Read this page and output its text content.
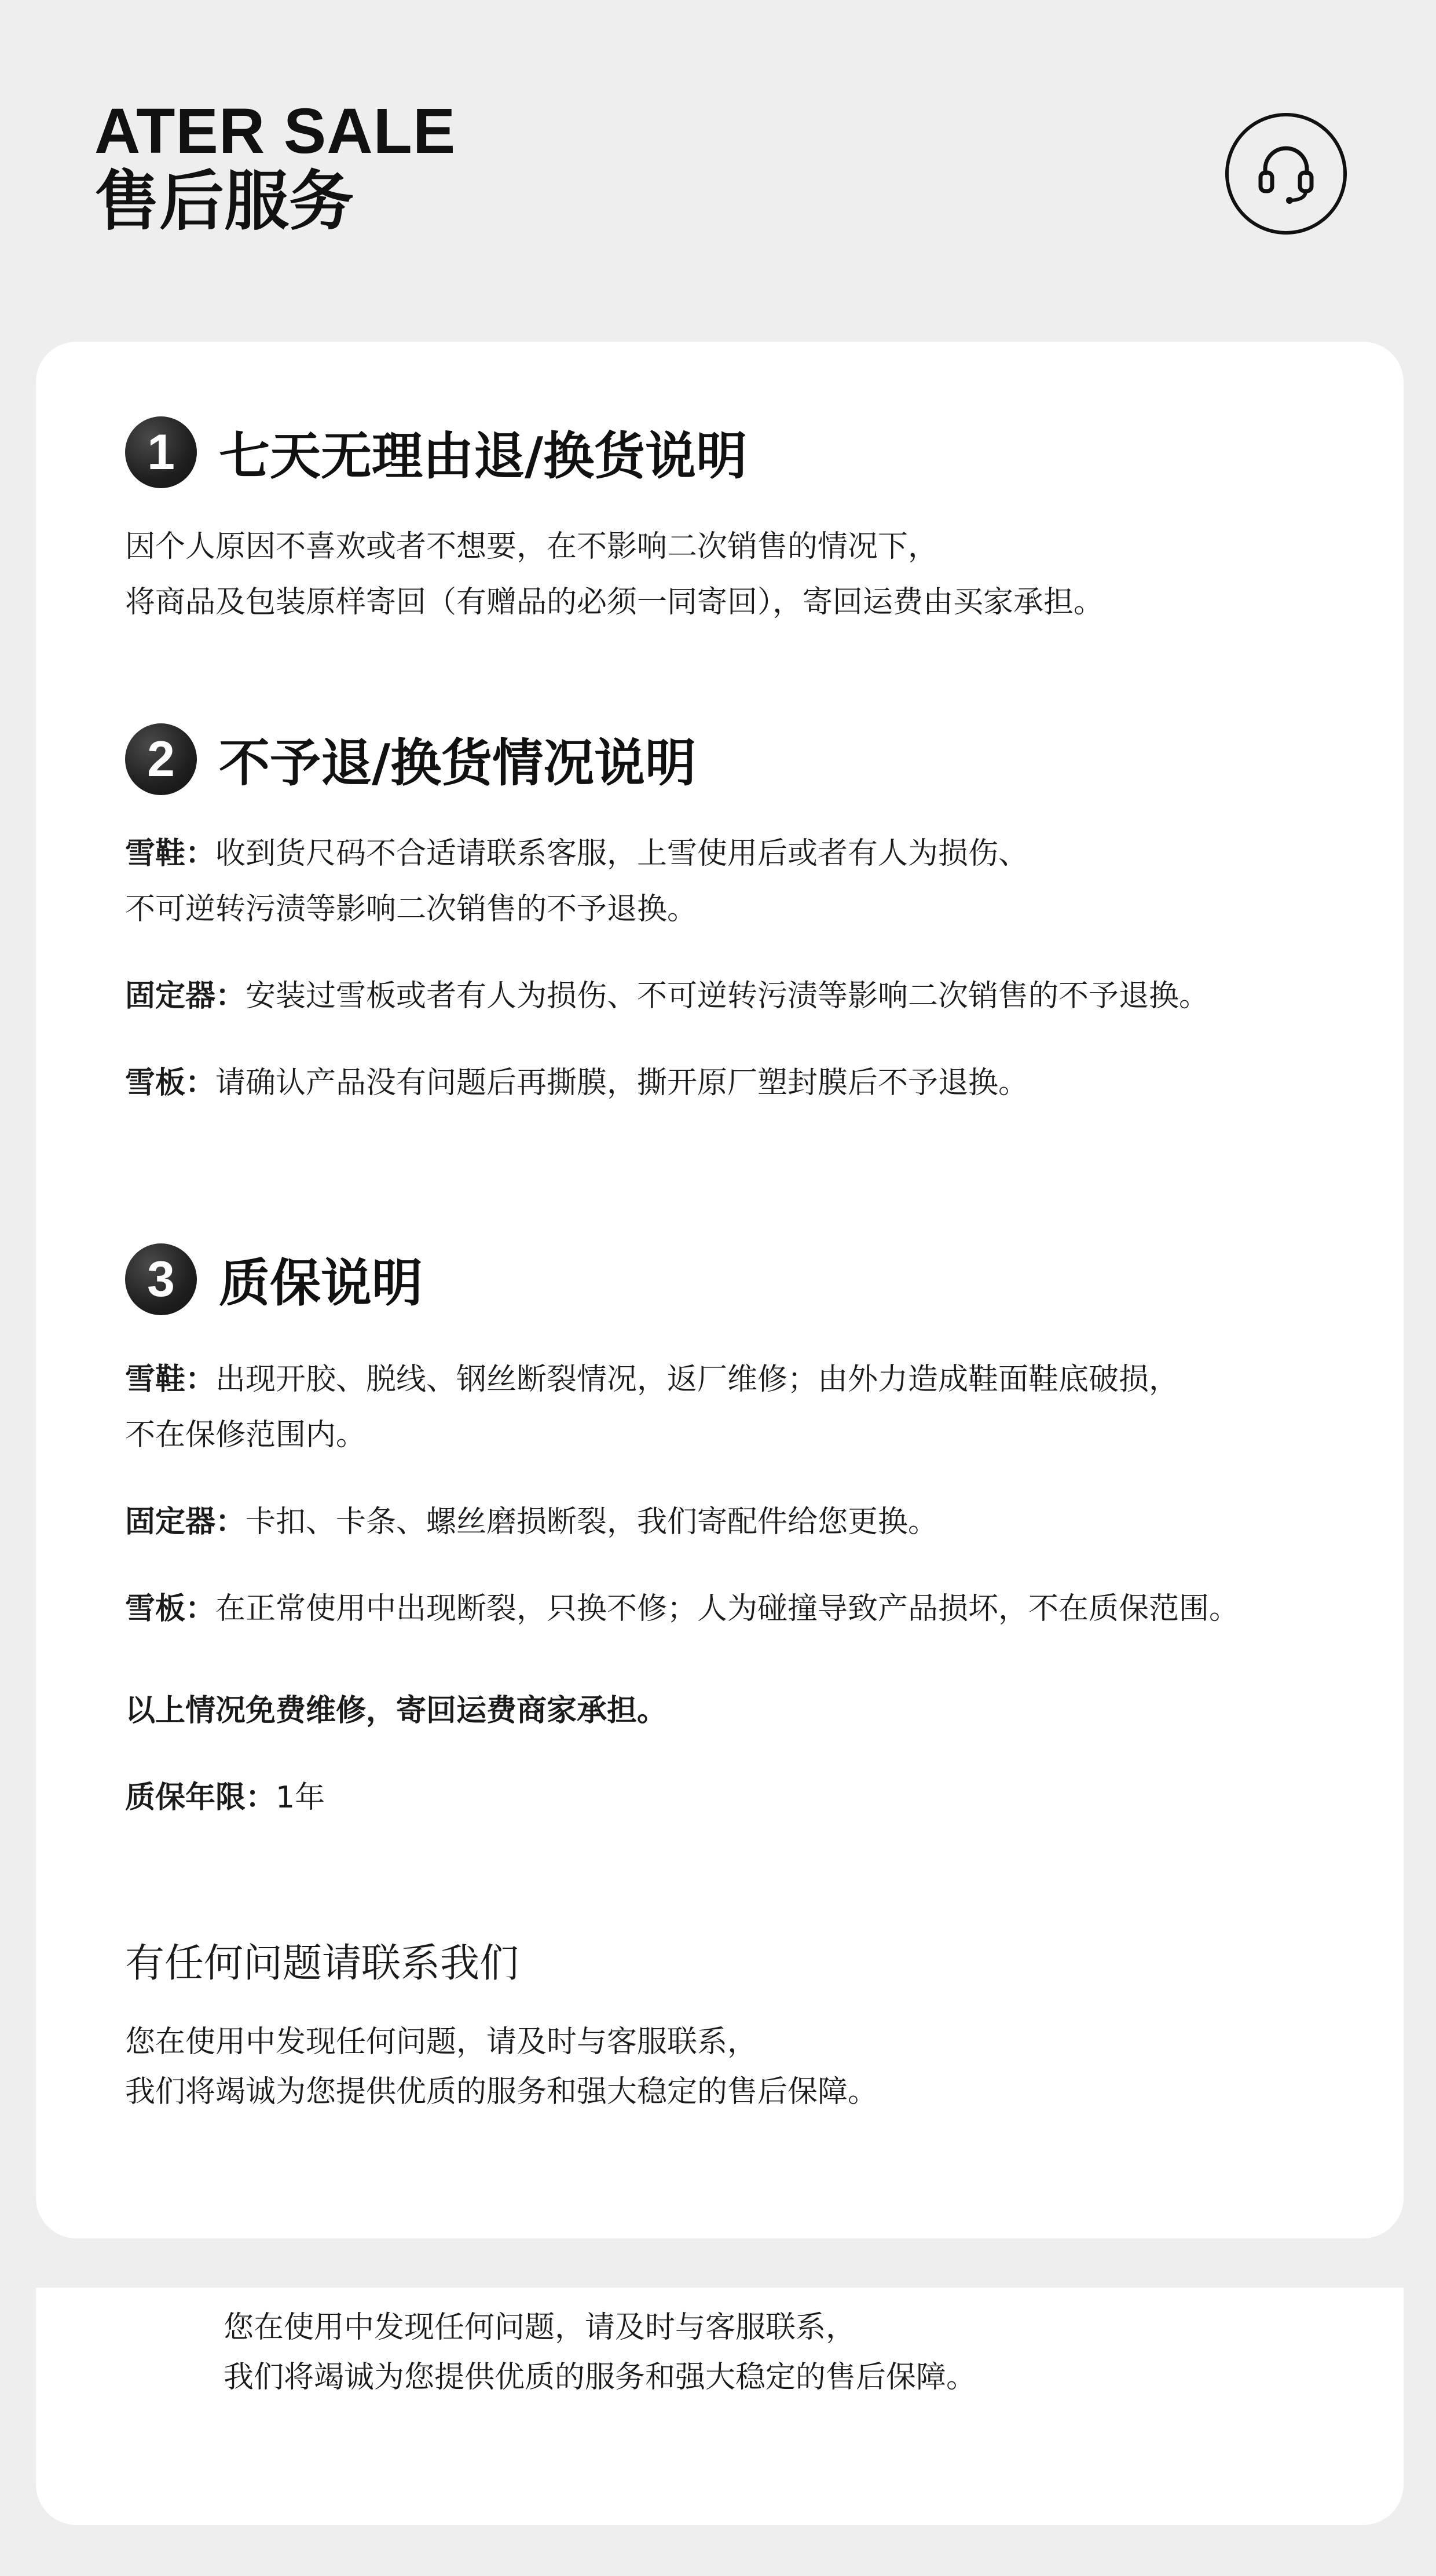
ATER SALE
售后服务
1 七天无理由退/换货说明
因个人原因不喜欢或者不想要，在不影响二次销售的情况下，
将商品及包装原样寄回（有赠品的必须一同寄回），寄回运费由买家承担。
2 不予退/换货情况说明
雪鞋：收到货尺码不合适请联系客服，上雪使用后或者有人为损伤、
不可逆转污渍等影响二次销售的不予退换。
固定器：安装过雪板或者有人为损伤、不可逆转污渍等影响二次销售的不予退换。
雪板：请确认产品没有问题后再撕膜，撕开原厂塑封膜后不予退换。
3 质保说明
雪鞋：出现开胶、脱线、钢丝断裂情况，返厂维修；由外力造成鞋面鞋底破损，
不在保修范围内。
固定器：卡扣、卡条、螺丝磨损断裂，我们寄配件给您更换。
雪板：在正常使用中出现断裂，只换不修；人为碰撞导致产品损坏，不在质保范围。
以上情况免费维修，寄回运费商家承担。
质保年限：1年
有任何问题请联系我们
您在使用中发现任何问题，请及时与客服联系，
我们将竭诚为您提供优质的服务和强大稳定的售后保障。
您在使用中发现任何问题，请及时与客服联系，
我们将竭诚为您提供优质的服务和强大稳定的售后保障。
